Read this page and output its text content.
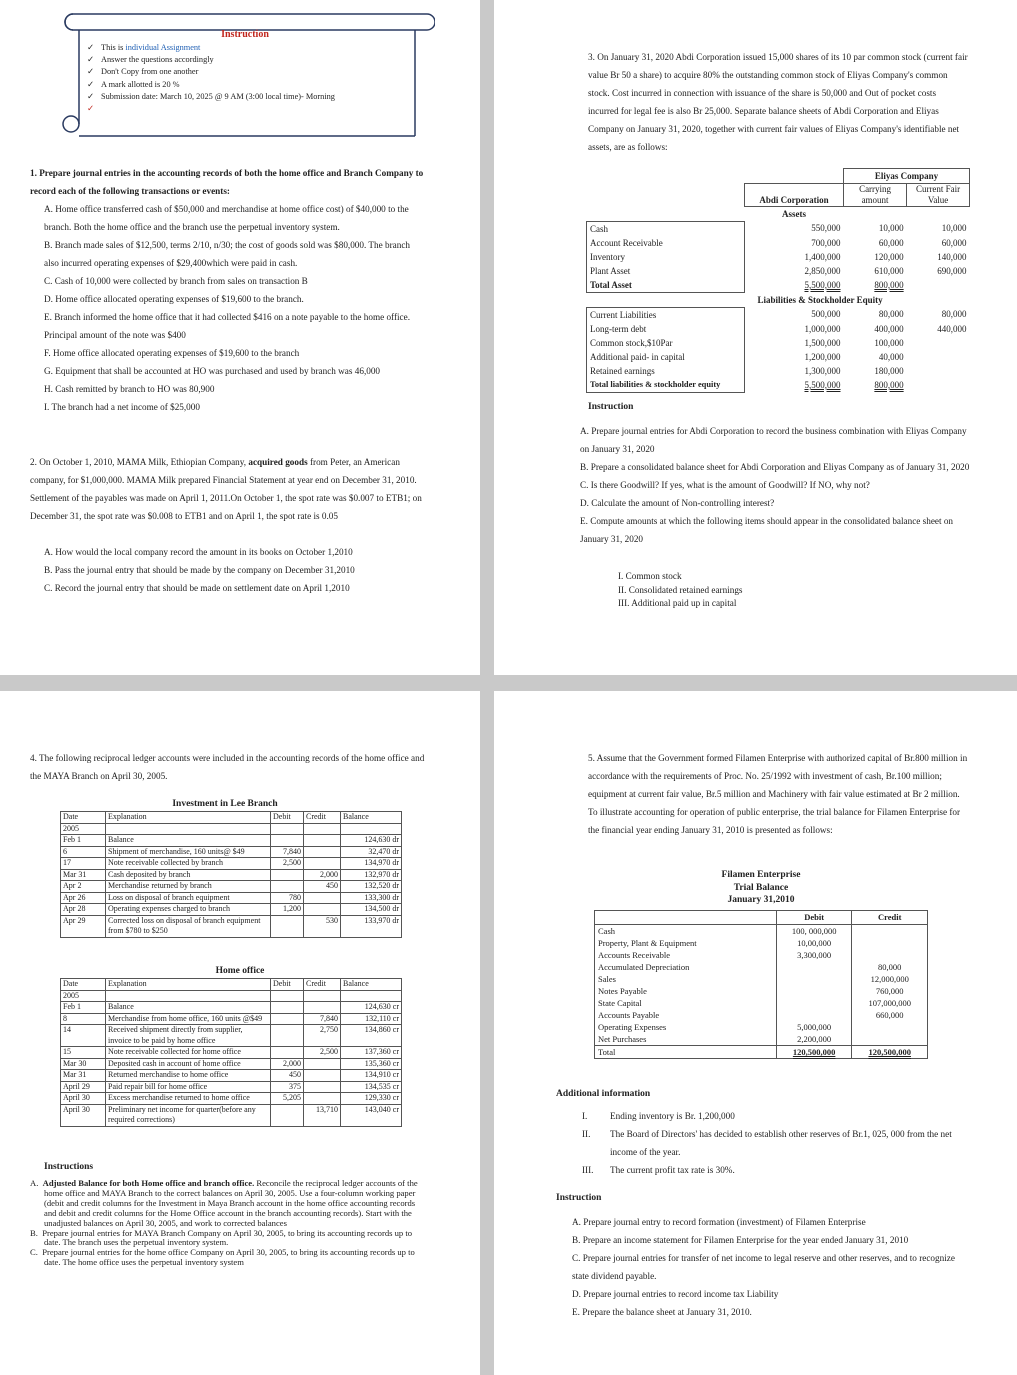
Instruction
✓ This is individual Assignment
✓ Answer the questions accordingly
✓ Don't Copy from one another
✓ A mark allotted is 20 %
✓ Submission date: March 10, 2025 @ 9 AM (3:00 local time)- Morning
1. Prepare journal entries in the accounting records of both the home office and Branch Company to record each of the following transactions or events:
A. Home office transferred cash of $50,000 and merchandise at home office cost) of $40,000 to the branch. Both the home office and the branch use the perpetual inventory system.
B. Branch made sales of $12,500, terms 2/10, n/30; the cost of goods sold was $80,000. The branch also incurred operating expenses of $29,400which were paid in cash.
C. Cash of 10,000 were collected by branch from sales on transaction B
D. Home office allocated operating expenses of $19,600 to the branch.
E. Branch informed the home office that it had collected $416 on a note payable to the home office. Principal amount of the note was $400
F. Home office allocated operating expenses of $19,600 to the branch
G. Equipment that shall be accounted at HO was purchased and used by branch was 46,000
H. Cash remitted by branch to HO was 80,900
I. The branch had a net income of $25,000
2. On October 1, 2010, MAMA Milk, Ethiopian Company, acquired goods from Peter, an American company, for $1,000,000. MAMA Milk prepared Financial Statement at year end on December 31, 2010. Settlement of the payables was made on April 1, 2011.On October 1, the spot rate was $0.007 to ETB1; on December 31, the spot rate was $0.008 to ETB1 and on April 1, the spot rate is 0.05
A. How would the local company record the amount in its books on October 1,2010
B. Pass the journal entry that should be made by the company on December 31,2010
C. Record the journal entry that should be made on settlement date on April 1,2010
3. On January 31, 2020 Abdi Corporation issued 15,000 shares of its 10 par common stock (current fair value Br 50 a share) to acquire 80% the outstanding common stock of Eliyas Company's common stock. Cost incurred in connection with issuance of the share is 50,000 and Out of pocket costs incurred for legal fee is also Br 25,000. Separate balance sheets of Abdi Corporation and Eliyas Company on January 31, 2020, together with current fair values of Eliyas Company's identifiable net assets, are as follows:
		Eliyas Company	
	Abdi Corporation	Carrying amount	Current Fair Value
	Assets		
Cash	550,000	10,000	10,000
Account Receivable	700,000	60,000	60,000
Inventory	1,400,000	120,000	140,000
Plant Asset	2,850,000	610,000	690,000
Total Asset	5,500,000	800,000	
Liabilities & Stockholder Equity			
Current Liabilities	500,000	80,000	80,000
Long-term debt	1,000,000	400,000	440,000
Common stock,$10Par	1,500,000	100,000	
Additional paid- in capital	1,200,000	40,000	
Retained earnings	1,300,000	180,000	
Total liabilities & stockholder equity	5,500,000	800,000	
Instruction
A. Prepare journal entries for Abdi Corporation to record the business combination with Eliyas Company on January 31, 2020
B. Prepare a consolidated balance sheet for Abdi Corporation and Eliyas Company as of January 31, 2020
C. Is there Goodwill? If yes, what is the amount of Goodwill? If NO, why not?
D. Calculate the amount of Non-controlling interest?
E. Compute amounts at which the following items should appear in the consolidated balance sheet on January 31, 2020
I. Common stock
II. Consolidated retained earnings
III. Additional paid up in capital
4. The following reciprocal ledger accounts were included in the accounting records of the home office and the MAYA Branch on April 30, 2005.
Investment in Lee Branch
Date	Explanation	Debit	Credit	Balance
2005				
Feb 1	Balance			124,630 dr
6	Shipment of merchandise, 160 units@ $49	7,840		32,470 dr
17	Note receivable collected by branch	2,500		134,970 dr
Mar 31	Cash deposited by branch		2,000	132,970 dr
Apr 2	Merchandise returned by branch		450	132,520 dr
Apr 26	Loss on disposal of branch equipment	780		133,300 dr
Apr 28	Operating expenses charged to branch	1,200		134,500 dr
Apr 29	Corrected loss on disposal of branch equipment from $780 to $250		530	133,970 dr
Home office
Date	Explanation	Debit	Credit	Balance
2005				
Feb 1	Balance			124,630 cr
8	Merchandise from home office, 160 units @$49		7,840	132,110 cr
14	Received shipment directly from supplier, invoice to be paid by home office		2,750	134,860 cr
15	Note receivable collected for home office		2,500	137,360 cr
Mar 30	Deposited cash in account of home office	2,000		135,360 cr
Mar 31	Returned merchandise to home office	450		134,910 cr
April 29	Paid repair bill for home office	375		134,535 cr
April 30	Excess merchandise returned to home office	5,205		129,330 cr
April 30	Preliminary net income for quarter(before any required corrections)		13,710	143,040 cr
Instructions
A.  Adjusted Balance for both Home office and branch office. Reconcile the reciprocal ledger accounts of the home office and MAYA Branch to the correct balances on April 30, 2005. Use a four-column working paper (debit and credit columns for the Investment in Maya Branch account in the home office accounting records and debit and credit columns for the Home Office account in the branch accounting records). Start with the unadjusted balances on April 30, 2005, and work to corrected balances
B.  Prepare journal entries for MAYA Branch Company on April 30, 2005, to bring its accounting records up to date. The branch uses the perpetual inventory system.
C.  Prepare journal entries for the home office Company on April 30, 2005, to bring its accounting records up to date. The home office uses the perpetual inventory system
5. Assume that the Government formed Filamen Enterprise with authorized capital of Br.800 million in accordance with the requirements of Proc. No. 25/1992 with investment of cash, Br.100 million; equipment at current fair value, Br.5 million and Machinery with fair value estimated at Br 2 million. To illustrate accounting for operation of public enterprise, the trial balance for Filamen Enterprise for the financial year ending January 31, 2010 is presented as follows:
Filamen Enterprise
Trial Balance
January 31,2010
	Debit	Credit
Cash	100, 000,000	
Property, Plant & Equipment	10,00,000	
Accounts Receivable	3,300,000	
Accumulated Depreciation		80,000
Sales		12,000,000
Notes Payable		760,000
State Capital		107,000,000
Accounts Payable		660,000
Operating Expenses	5,000,000	
Net Purchases	2,200,000	
Total	120,500,000	120,500,000
Additional information
I.	Ending inventory is Br. 1,200,000
II.	The Board of Directors' has decided to establish other reserves of Br.1, 025, 000 from the net income of the year.
III.	The current profit tax rate is 30%.
Instruction
A. Prepare journal entry to record formation (investment) of Filamen Enterprise
B. Prepare an income statement for Filamen Enterprise for the year ended January 31, 2010
C. Prepare journal entries for transfer of net income to legal reserve and other reserves, and to recognize state dividend payable.
D. Prepare journal entries to record income tax Liability
E. Prepare the balance sheet at January 31, 2010.
